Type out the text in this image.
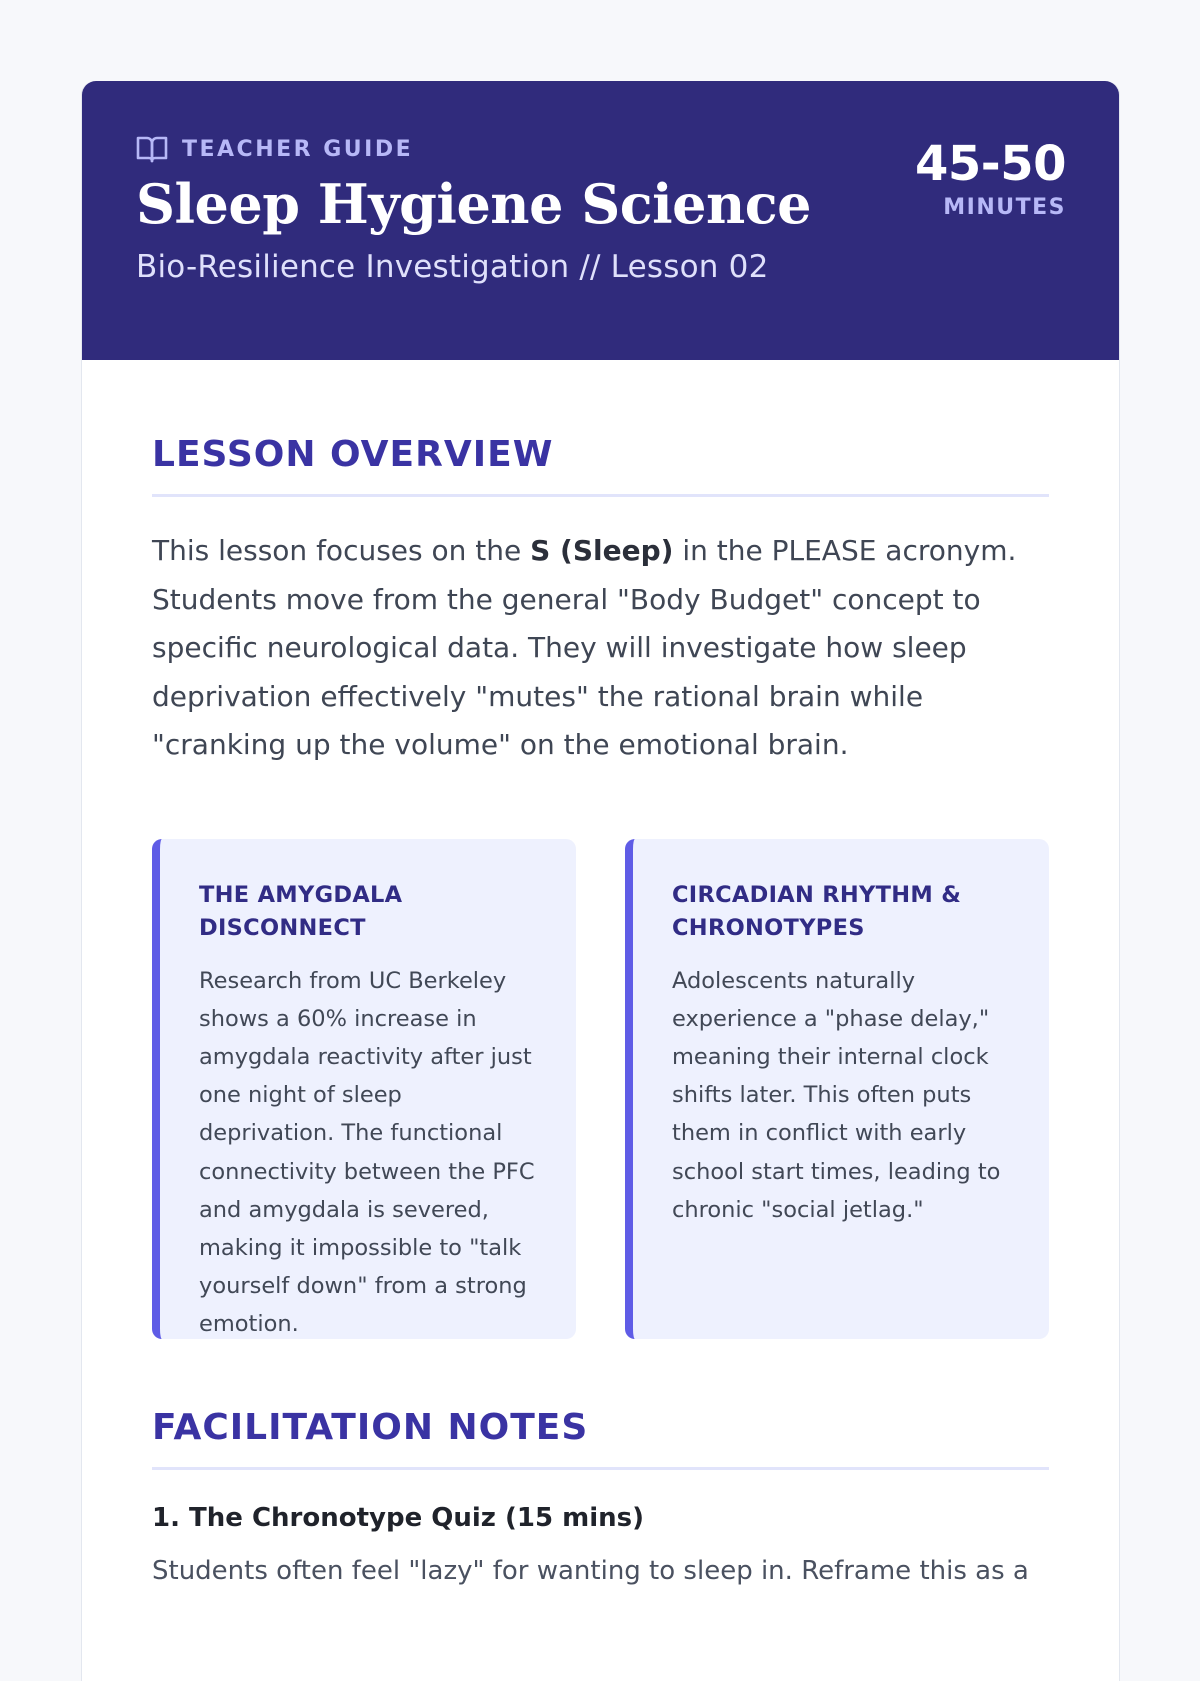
TEACHER GUIDE
Sleep Hygiene Science
Bio-Resilience Investigation // Lesson 02
45-50
MINUTES
LESSON OVERVIEW

This lesson focuses on the S (Sleep) in the PLEASE acronym. Students move from the general "Body Budget" concept to specific neurological data. They will investigate how sleep deprivation effectively "mutes" the rational brain while "cranking up the volume" on the emotional brain.

THE AMYGDALA DISCONNECT

Research from UC Berkeley shows a 60% increase in amygdala reactivity after just one night of sleep deprivation. The functional connectivity between the PFC and amygdala is severed, making it impossible to "talk yourself down" from a strong emotion.

CIRCADIAN RHYTHM & CHRONOTYPES

Adolescents naturally experience a "phase delay," meaning their internal clock shifts later. This often puts them in conflict with early school start times, leading to chronic "social jetlag."

FACILITATION NOTES
1. The Chronotype Quiz (15 mins)

Students often feel "lazy" for wanting to sleep in. Reframe this as a
